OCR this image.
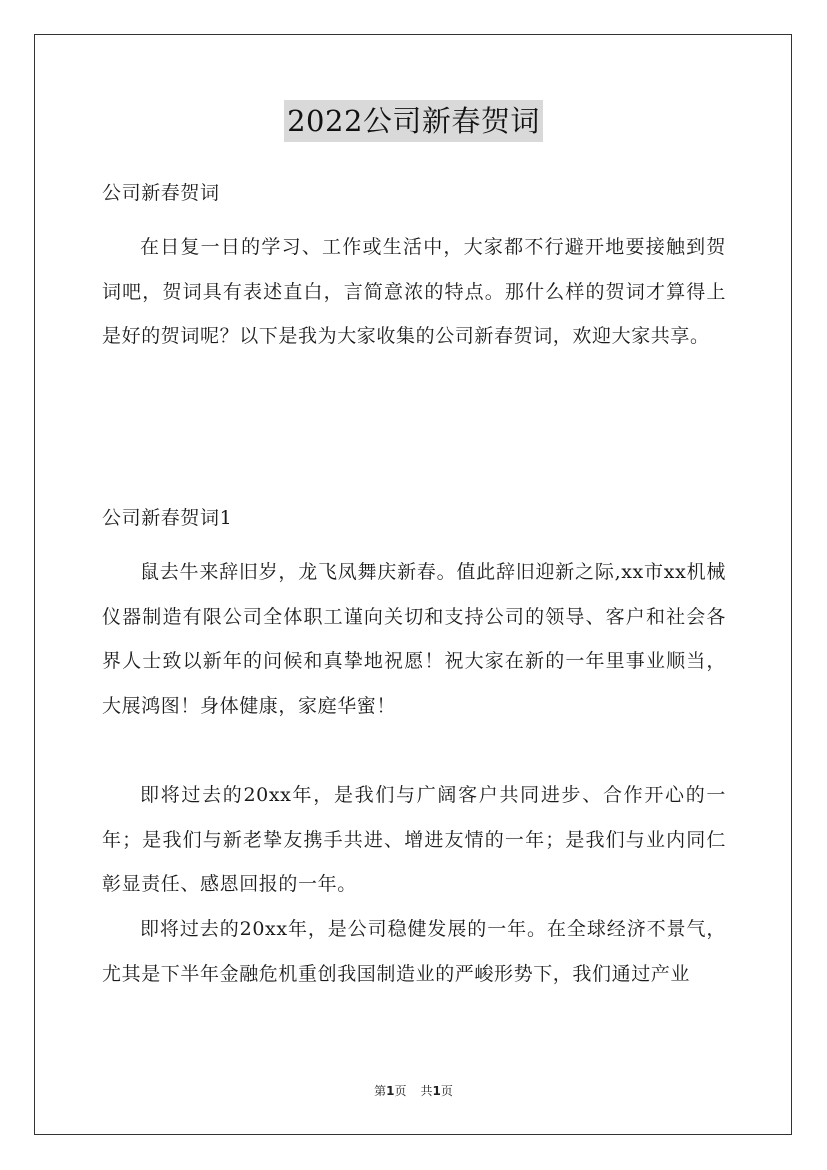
2022公司新春贺词
公司新春贺词
在日复一日的学习、工作或生活中，大家都不行避开地要接触到贺词吧，贺词具有表述直白，言简意浓的特点。那什么样的贺词才算得上是好的贺词呢？以下是我为大家收集的公司新春贺词，欢迎大家共享。
公司新春贺词1
鼠去牛来辞旧岁，龙飞凤舞庆新春。值此辞旧迎新之际,xx市xx机械仪器制造有限公司全体职工谨向关切和支持公司的领导、客户和社会各界人士致以新年的问候和真挚地祝愿！祝大家在新的一年里事业顺当，大展鸿图！身体健康，家庭华蜜！
即将过去的20xx年，是我们与广阔客户共同进步、合作开心的一年；是我们与新老挚友携手共进、增进友情的一年；是我们与业内同仁彰显责任、感恩回报的一年。
即将过去的20xx年，是公司稳健发展的一年。在全球经济不景气，尤其是下半年金融危机重创我国制造业的严峻形势下，我们通过产业
第1页 共1页
